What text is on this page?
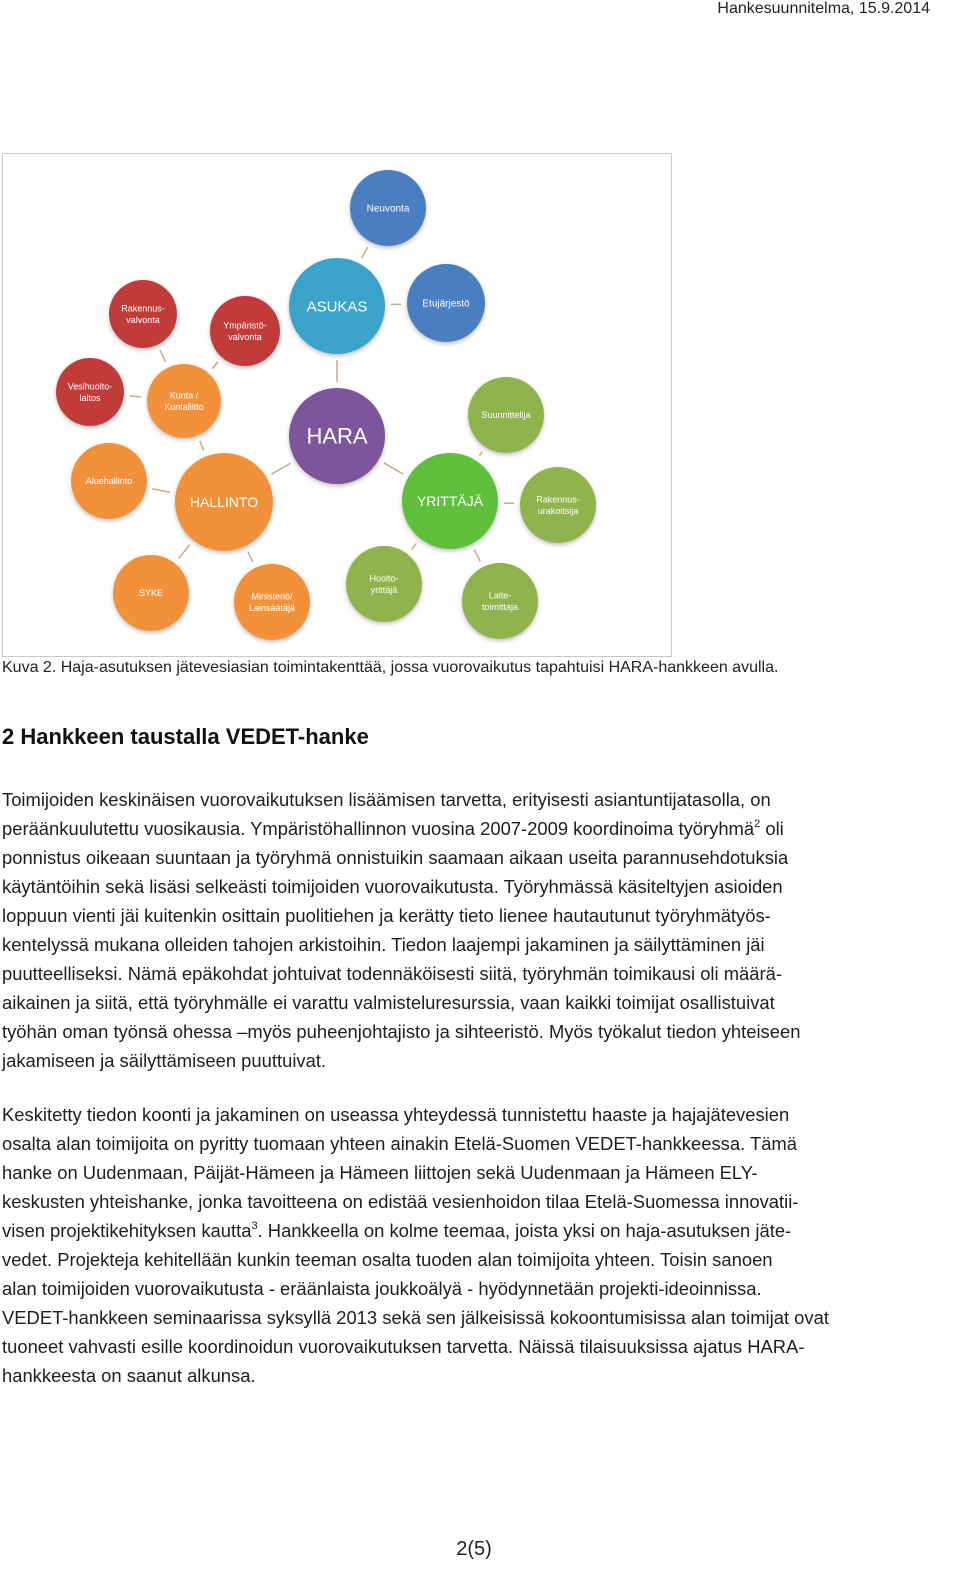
Hankesuunnitelma, 15.9.2014
Neuvonta
ASUKAS	Etujärjestö
Rakennus-
valvonta
Ympäristö-
valvonta
Vesihuolto-
laitos	Kunta /
Kuntaliitto
HARA
Suunnittelija
Aluehallinto
HALLINTO	YRITTÄJÄ	Rakennus-
urakoitsija
SYKE	Ministeriö/
Lainsäätäjä
Huolto-
yrittäjä
Laite-
toimittaja
Kuva 2. Haja-asutuksen jätevesiasian toimintakenttää, jossa vuorovaikutus tapahtuisi HARA-hankkeen avulla.
2 Hankkeen taustalla VEDET-hanke
Toimijoiden keskinäisen vuorovaikutuksen lisäämisen tarvetta, erityisesti asiantuntijatasolla, on
peräänkuulutettu vuosikausia. Ympäristöhallinnon vuosina 2007-2009 koordinoima työryhmä$^2$ oli
ponnistus oikeaan suuntaan ja työryhmä onnistuikin saamaan aikaan useita parannusehdotuksia
käytäntöihin sekä lisäsi selkeästi toimijoiden vuorovaikutusta. Työryhmässä käsiteltyjen asioiden
loppuun vienti jäi kuitenkin osittain puolitiehen ja kerätty tieto lienee hautautunut työryhmätyös-
kentelyssä mukana olleiden tahojen arkistoihin. Tiedon laajempi jakaminen ja säilyttäminen jäi
puutteelliseksi. Nämä epäkohdat johtuivat todennäköisesti siitä, työryhmän toimikausi oli määrä-
aikainen ja siitä, että työryhmälle ei varattu valmisteluresurssia, vaan kaikki toimijat osallistuivat
työhän oman työnsä ohessa –myös puheenjohtajisto ja sihteeristö. Myös työkalut tiedon yhteiseen
jakamiseen ja säilyttämiseen puuttuivat.
Keskitetty tiedon koonti ja jakaminen on useassa yhteydessä tunnistettu haaste ja hajajätevesien
osalta alan toimijoita on pyritty tuomaan yhteen ainakin Etelä-Suomen VEDET-hankkeessa. Tämä
hanke on Uudenmaan, Päijät-Hämeen ja Hämeen liittojen sekä Uudenmaan ja Hämeen ELY-
keskusten yhteishanke, jonka tavoitteena on edistää vesienhoidon tilaa Etelä-Suomessa innovatii-
visen projektikehityksen kautta$^3$. Hankkeella on kolme teemaa, joista yksi on haja-asutuksen jäte-
vedet. Projekteja kehitellään kunkin teeman osalta tuoden alan toimijoita yhteen. Toisin sanoen
alan toimijoiden vuorovaikutusta - eräänlaista joukkoälyä - hyödynnetään projekti-ideoinnissa.
VEDET-hankkeen seminaarissa syksyllä 2013 sekä sen jälkeisissä kokoontumisissa alan toimijat ovat
tuoneet vahvasti esille koordinoidun vuorovaikutuksen tarvetta. Näissä tilaisuuksissa ajatus HARA-
hankkeesta on saanut alkunsa.
2(5)
